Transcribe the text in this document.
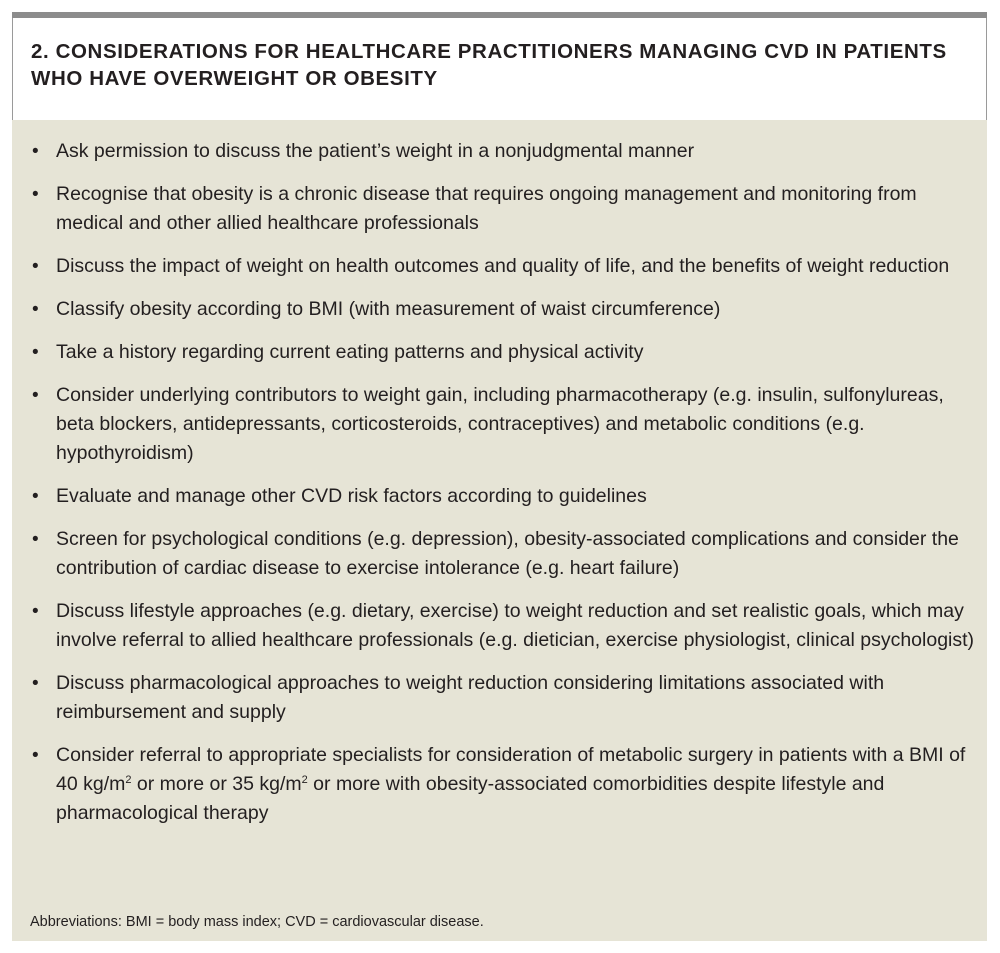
2. CONSIDERATIONS FOR HEALTHCARE PRACTITIONERS MANAGING CVD IN PATIENTS WHO HAVE OVERWEIGHT OR OBESITY
• Ask permission to discuss the patient’s weight in a nonjudgmental manner
• Recognise that obesity is a chronic disease that requires ongoing management and monitoring from medical and other allied healthcare professionals
• Discuss the impact of weight on health outcomes and quality of life, and the benefits of weight reduction
• Classify obesity according to BMI (with measurement of waist circumference)
• Take a history regarding current eating patterns and physical activity
• Consider underlying contributors to weight gain, including pharmacotherapy (e.g. insulin, sulfonylureas, beta blockers, antidepressants, corticosteroids, contraceptives) and metabolic conditions (e.g. hypothyroidism)
• Evaluate and manage other CVD risk factors according to guidelines
• Screen for psychological conditions (e.g. depression), obesity-associated complications and consider the contribution of cardiac disease to exercise intolerance (e.g. heart failure)
• Discuss lifestyle approaches (e.g. dietary, exercise) to weight reduction and set realistic goals, which may involve referral to allied healthcare professionals (e.g. dietician, exercise physiologist, clinical psychologist)
• Discuss pharmacological approaches to weight reduction considering limitations associated with reimbursement and supply
• Consider referral to appropriate specialists for consideration of metabolic surgery in patients with a BMI of 40 $kg/m^2$ or more or 35 $kg/m^2$ or more with obesity-associated comorbidities despite lifestyle and pharmacological therapy

Abbreviations: BMI = body mass index; CVD = cardiovascular disease.
